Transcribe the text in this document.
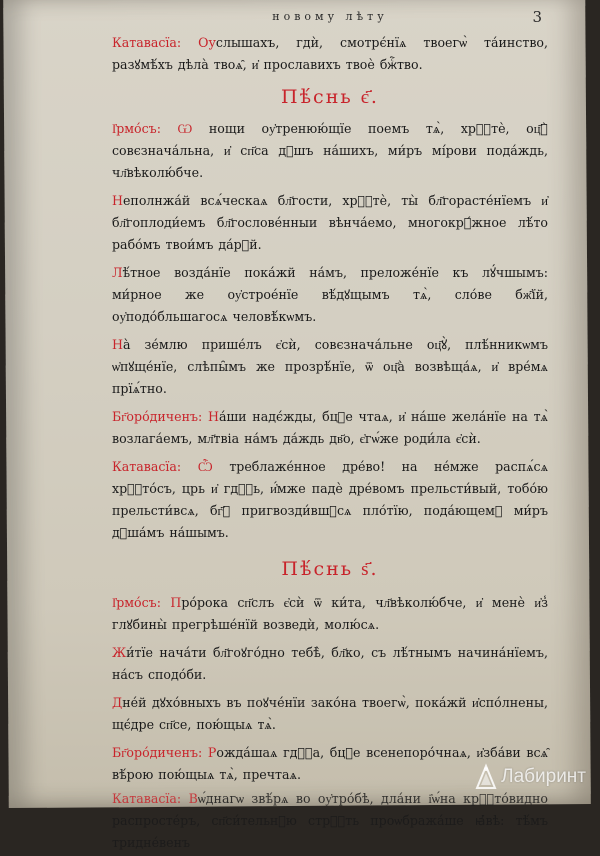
новому лѣту	3

Катавасїа: Оуслышахъ, гдѝ, смотрє́нїѧ твоегѡ̀ та́инство, разꙋмѣ́хъ дѣла̀ твоѧ̑, и҆ прославихъ твоѐ бжⷭ҇тво.

Пѣ́снь є҃.

І҆рмо́съ: Ѡ нощи оу҆тренюю́щїе поемъ тѧ̀, хрⷭ҇тѐ, оц҃ꙋ̀ совєзнача́льна, и҆ сп҃са дꙋшъ на́шихъ, ми́ръ мі́рови пода́ждь, чл҃вѣколю́бче.

Неполнжа́й всѧ́ческаѧ бл҃гости, хрⷭ҇тѐ, ты̀ бл҃горасте́нїемъ и҆ бл҃гоплоди́емъ бл҃гослове́нныи вѣнча́емо, многокрꙋ́жное лѣ́то рабо́мъ твои́мъ да́рꙋй.

Лѣ́тное возда́нїе пока́жй на́мъ, преложе́нїе къ лꙋ́чшымъ: ми́рное же оу҆строе́нїе вѣ́дꙋщымъ тѧ̀, сло́ве бж҃їй, оу҆подо́бльшагосѧ человѣ́кѡмъ.

На̀ зе́млю прише́лъ є҆сѝ, совєзнача́льне оц҃ꙋ̀, плѣ́нникѡмъ ѡ҆пꙋще́нїе, слѣпы̑мъ же прозрѣ́нїе, ѿ оц҃а̀ возвѣща́ѧ, и҆ вре́мѧ прїѧ́тно.

Бг҃оро́диченъ: На́ши надє́жды, бцⷣе чтаѧ, и҆ на́ше жела́нїе на тѧ̀ возлага́емъ, мл҃твіа на́мъ да́ждь дв҃о, є҆гѡ́же роди́ла є҆сѝ.

Катавасїа: Ѽ треблаже́нное дре́во! на не́мже распѧ́сѧ хрⷭ҇то́съ, црь и҆ гдⷭ҇ь, и҆́мже падѐ дре́вомъ прельсти́вый, тобо́ю прельсти́всѧ, бг҃ꙋ пригвозди́вшꙋсѧ пло́тїю, пода́ющемꙋ ми́ръ дꙋша́мъ на́шымъ.

Пѣ́снь ѕ҃.

І҆рмо́съ: Про́рока сп҃слъ є҆сѝ ѿ ки́та, чл҃вѣколю́бче, и҆ менѐ и҆з̾ глꙋбины̀ прегрѣше́нїй возведѝ, молю́сѧ.

Жи́тїе нача́ти бл҃гоꙋго́дно тебѣ̀, бл҃ко, съ лѣ́тнымъ начина́нїемъ, на́съ сподо́би.

Дне́й дꙋхо́вныхъ въ поꙋче́нїи зако́на твоегѡ̀, пока́жй и҆спо́лнены, щє́дре сп҃се, пою́щыѧ тѧ̀.

Бг҃оро́диченъ: Рожда́шаѧ гдⷭ҇а, бцⷣе всенепоро́чнаѧ, и҆зба́ви всѧ̑ вѣ́рою пою́щыѧ тѧ̀, пречтаѧ.

Катавасїа: Вѡ́днагѡ звѣ́рѧ во оу҆тро́бѣ, дла́ни і҆ѡ́на крⷭ҇то́видно распросте́ръ, сп҃си́тельнꙋю стрⷭ҇ть проѡбража́ше ꙗ҆́вѣ: тѣ́мъ тридне́венъ

Лабиринт
